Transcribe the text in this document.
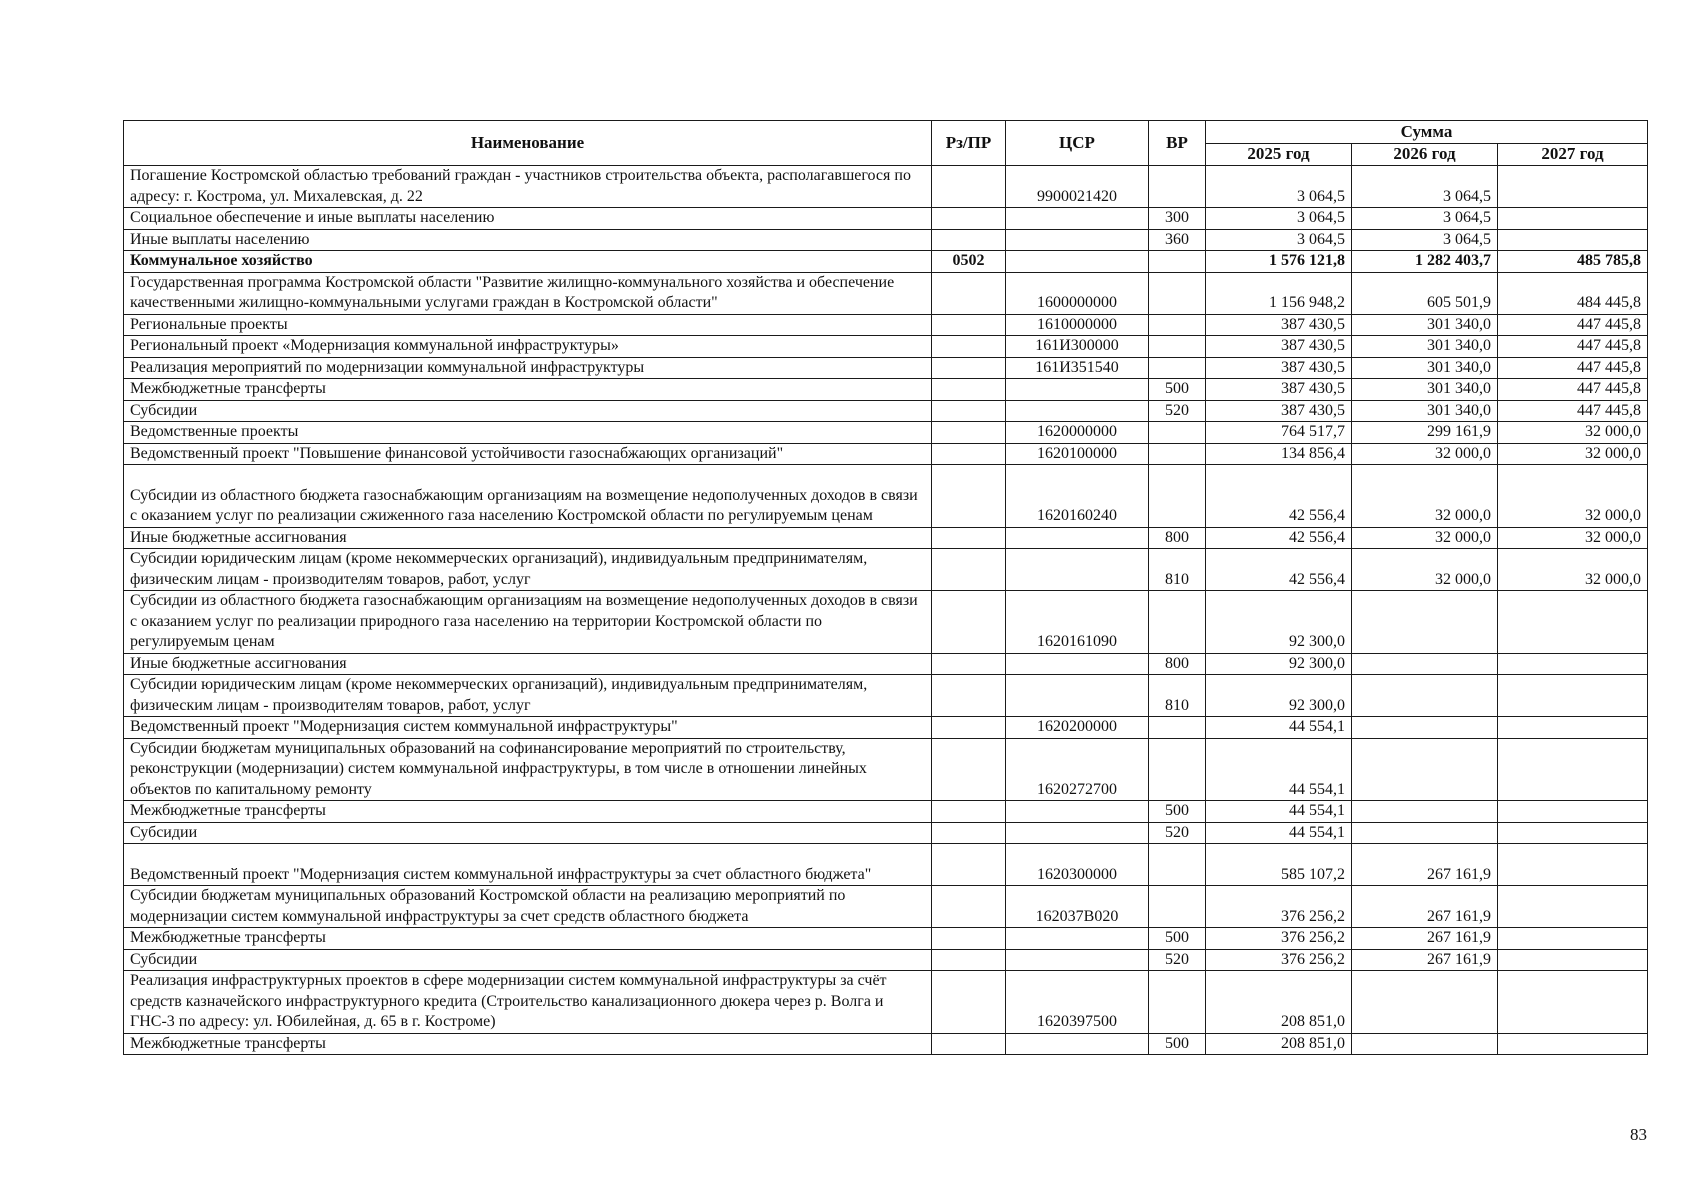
Наименование	Рз/ПР	ЦСР	ВР	Сумма		
				2025 год	2026 год	2027 год
Погашение Костромской областью требований граждан - участников строительства объекта, располагавшегося по адресу: г. Кострома, ул. Михалевская, д. 22		9900021420		3 064,5	3 064,5	
Социальное обеспечение и иные выплаты населению			300	3 064,5	3 064,5	
Иные выплаты населению			360	3 064,5	3 064,5	
Коммунальное хозяйство	0502			1 576 121,8	1 282 403,7	485 785,8
Государственная программа Костромской области "Развитие жилищно-коммунального хозяйства и обеспечение качественными жилищно-коммунальными услугами граждан в Костромской области"		1600000000		1 156 948,2	605 501,9	484 445,8
Региональные проекты		1610000000		387 430,5	301 340,0	447 445,8
Региональный проект «Модернизация коммунальной инфраструктуры»		161И300000		387 430,5	301 340,0	447 445,8
Реализация мероприятий по модернизации коммунальной инфраструктуры		161И351540		387 430,5	301 340,0	447 445,8
Межбюджетные трансферты			500	387 430,5	301 340,0	447 445,8
Субсидии			520	387 430,5	301 340,0	447 445,8
Ведомственные проекты		1620000000		764 517,7	299 161,9	32 000,0
Ведомственный проект "Повышение финансовой устойчивости газоснабжающих организаций"		1620100000		134 856,4	32 000,0	32 000,0
Субсидии из областного бюджета газоснабжающим организациям на возмещение недополученных доходов в связи с оказанием услуг по реализации сжиженного газа населению Костромской области по регулируемым ценам		1620160240		42 556,4	32 000,0	32 000,0
Иные бюджетные ассигнования			800	42 556,4	32 000,0	32 000,0
Субсидии юридическим лицам (кроме некоммерческих организаций), индивидуальным предпринимателям, физическим лицам - производителям товаров, работ, услуг			810	42 556,4	32 000,0	32 000,0
Субсидии из областного бюджета газоснабжающим организациям на возмещение недополученных доходов в связи с оказанием услуг по реализации природного газа населению на территории Костромской области по регулируемым ценам		1620161090		92 300,0		
Иные бюджетные ассигнования			800	92 300,0		
Субсидии юридическим лицам (кроме некоммерческих организаций), индивидуальным предпринимателям, физическим лицам - производителям товаров, работ, услуг			810	92 300,0		
Ведомственный проект "Модернизация систем коммунальной инфраструктуры"		1620200000		44 554,1		
Субсидии бюджетам муниципальных образований на софинансирование мероприятий по строительству, реконструкции (модернизации) систем коммунальной инфраструктуры, в том числе в отношении линейных объектов по капитальному ремонту		1620272700		44 554,1		
Межбюджетные трансферты			500	44 554,1		
Субсидии			520	44 554,1		
Ведомственный проект "Модернизация систем коммунальной инфраструктуры за счет областного бюджета"		1620300000		585 107,2	267 161,9	
Субсидии бюджетам муниципальных образований Костромской области на реализацию мероприятий по модернизации систем коммунальной инфраструктуры за счет средств областного бюджета		162037В020		376 256,2	267 161,9	
Межбюджетные трансферты			500	376 256,2	267 161,9	
Субсидии			520	376 256,2	267 161,9	
Реализация инфраструктурных проектов в сфере модернизации систем коммунальной инфраструктуры за счёт средств казначейского инфраструктурного кредита (Строительство канализационного дюкера через р. Волга и ГНС-3 по адресу: ул. Юбилейная, д. 65 в г. Костроме)		1620397500		208 851,0		
Межбюджетные трансферты			500	208 851,0		
83
